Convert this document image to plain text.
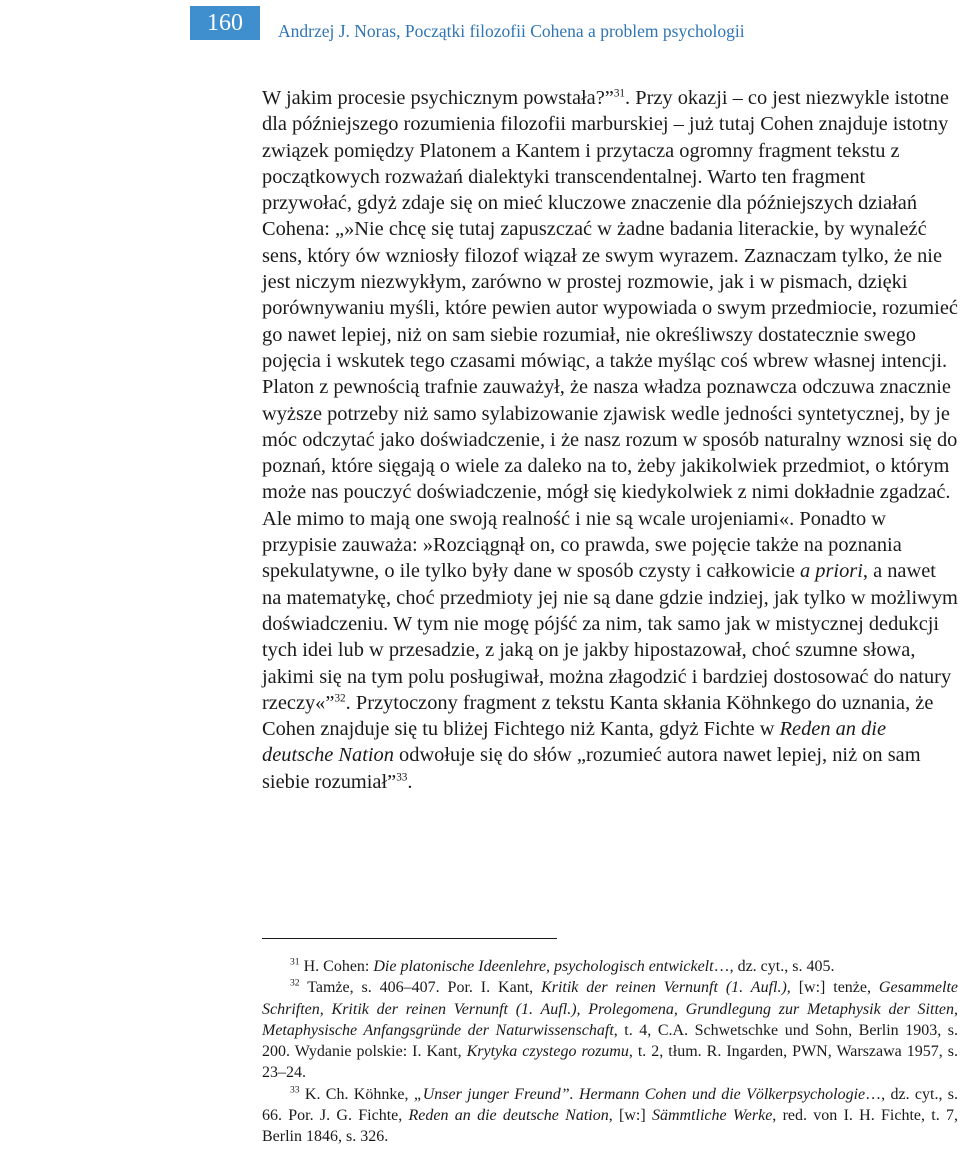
160	Andrzej J. Noras, Początki filozofii Cohena a problem psychologii

W jakim procesie psychicznym powstała?”$^{31}$. Przy okazji – co jest niezwykle istotne dla późniejszego rozumienia filozofii marburskiej – już tutaj Cohen znajduje istotny związek pomiędzy Platonem a Kantem i przytacza ogromny fragment tekstu z początkowych rozważań dialektyki transcendentalnej. Warto ten fragment przywołać, gdyż zdaje się on mieć kluczowe znaczenie dla późniejszych działań Cohena: „»Nie chcę się tutaj zapuszczać w żadne badania literackie, by wynaleźć sens, który ów wzniosły filozof wiązał ze swym wyrazem. Zaznaczam tylko, że nie jest niczym niezwykłym, zarówno w prostej rozmowie, jak i w pismach, dzięki porównywaniu myśli, które pewien autor wypowiada o swym przedmiocie, rozumieć go nawet lepiej, niż on sam siebie rozumiał, nie określiwszy dostatecznie swego pojęcia i wskutek tego czasami mówiąc, a także myśląc coś wbrew własnej intencji. Platon z pewnością trafnie zauważył, że nasza władza poznawcza odczuwa znacznie wyższe potrzeby niż samo sylabizowanie zjawisk wedle jedności syntetycznej, by je móc odczytać jako doświadczenie, i że nasz rozum w sposób naturalny wznosi się do poznań, które sięgają o wiele za daleko na to, żeby jakikolwiek przedmiot, o którym może nas pouczyć doświadczenie, mógł się kiedykolwiek z nimi dokładnie zgadzać. Ale mimo to mają one swoją realność i nie są wcale urojeniami«. Ponadto w przypisie zauważa: »Rozciągnął on, co prawda, swe pojęcie także na poznania spekulatywne, o ile tylko były dane w sposób czysty i całkowicie a priori, a nawet na matematykę, choć przedmioty jej nie są dane gdzie indziej, jak tylko w możliwym doświadczeniu. W tym nie mogę pójść za nim, tak samo jak w mistycznej dedukcji tych idei lub w przesadzie, z jaką on je jakby hipostazował, choć szumne słowa, jakimi się na tym polu posługiwał, można złagodzić i bardziej dostosować do natury rzeczy«”$^{32}$. Przytoczony fragment z tekstu Kanta skłania Köhnkego do uznania, że Cohen znajduje się tu bliżej Fichtego niż Kanta, gdyż Fichte w Reden an die deutsche Nation odwołuje się do słów „rozumieć autora nawet lepiej, niż on sam siebie rozumiał”$^{33}$.

$^{31}$ H. Cohen: Die platonische Ideenlehre, psychologisch entwickelt…, dz. cyt., s. 405.

$^{32}$ Tamże, s. 406–407. Por. I. Kant, Kritik der reinen Vernunft (1. Aufl.), [w:] tenże, Gesammelte Schriften, Kritik der reinen Vernunft (1. Aufl.), Prolegomena, Grundlegung zur Metaphysik der Sitten, Metaphysische Anfangsgründe der Naturwissenschaft, t. 4, C.A. Schwetschke und Sohn, Berlin 1903, s. 200. Wydanie polskie: I. Kant, Krytyka czystego rozumu, t. 2, tłum. R. Ingarden, PWN, Warszawa 1957, s. 23–24.

$^{33}$ K. Ch. Köhnke, „Unser junger Freund”. Hermann Cohen und die Völkerpsychologie…, dz. cyt., s. 66. Por. J. G. Fichte, Reden an die deutsche Nation, [w:] Sämmtliche Werke, red. von I. H. Fichte, t. 7, Berlin 1846, s. 326.
